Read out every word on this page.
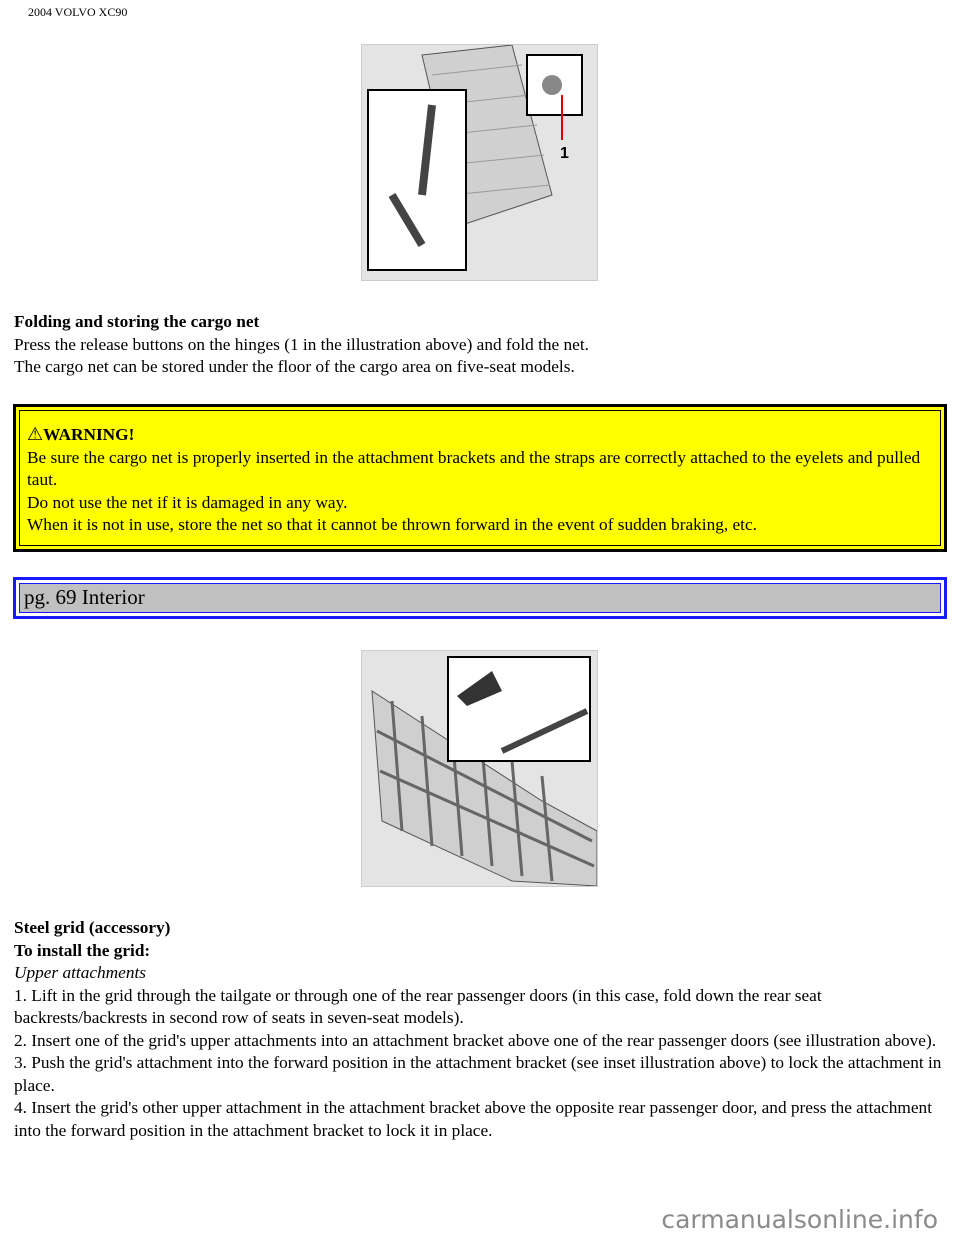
2004 VOLVO XC90
1
Folding and storing the cargo net
Press the release buttons on the hinges (1 in the illustration above) and fold the net.
The cargo net can be stored under the floor of the cargo area on five-seat models.
⚠WARNING!
Be sure the cargo net is properly inserted in the attachment brackets and the straps are correctly attached to the eyelets and pulled taut.
Do not use the net if it is damaged in any way.
When it is not in use, store the net so that it cannot be thrown forward in the event of sudden braking, etc.
pg. 69 Interior
Steel grid (accessory)
To install the grid:
Upper attachments
1. Lift in the grid through the tailgate or through one of the rear passenger doors (in this case, fold down the rear seat backrests/backrests in second row of seats in seven-seat models).
2. Insert one of the grid's upper attachments into an attachment bracket above one of the rear passenger doors (see illustration above).
3. Push the grid's attachment into the forward position in the attachment bracket (see inset illustration above) to lock the attachment in place.
4. Insert the grid's other upper attachment in the attachment bracket above the opposite rear passenger door, and press the attachment into the forward position in the attachment bracket to lock it in place.
carmanualsonline.info
